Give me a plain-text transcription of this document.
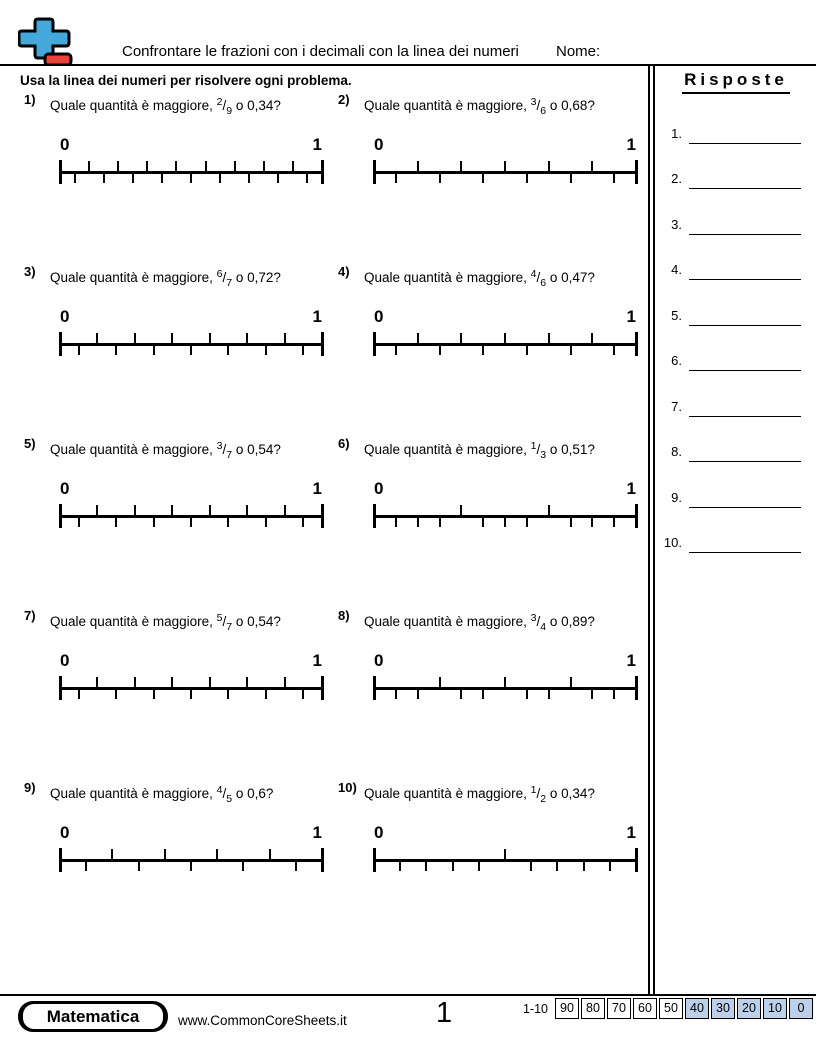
Confrontare le frazioni con i decimali con la linea dei numeri Nome:
Usa la linea dei numeri per risolvere ogni problema.	Risposte
1.
2.
3.
4.
5.
6.
7.
8.
9.
10.
1)	Quale quantità è maggiore, $^2/_9$ o 0,34?
0	1
2)	Quale quantità è maggiore, $^3/_6$ o 0,68?
0	1
3)	Quale quantità è maggiore, $^6/_7$ o 0,72?
0	1
4)	Quale quantità è maggiore, $^4/_6$ o 0,47?
0	1
5)	Quale quantità è maggiore, $^3/_7$ o 0,54?
0	1
6)	Quale quantità è maggiore, $^1/_3$ o 0,51?
0	1
7)	Quale quantità è maggiore, $^5/_7$ o 0,54?
0	1
8)	Quale quantità è maggiore, $^3/_4$ o 0,89?
0	1
9)	Quale quantità è maggiore, $^4/_5$ o 0,6?
0	1
10) Quale quantità è maggiore, $^1/_2$ o 0,34?
0	1
Matematica	www.CommonCoreSheets.it	1	1-10 90 80 70 60 50 40 30 20 10	0
